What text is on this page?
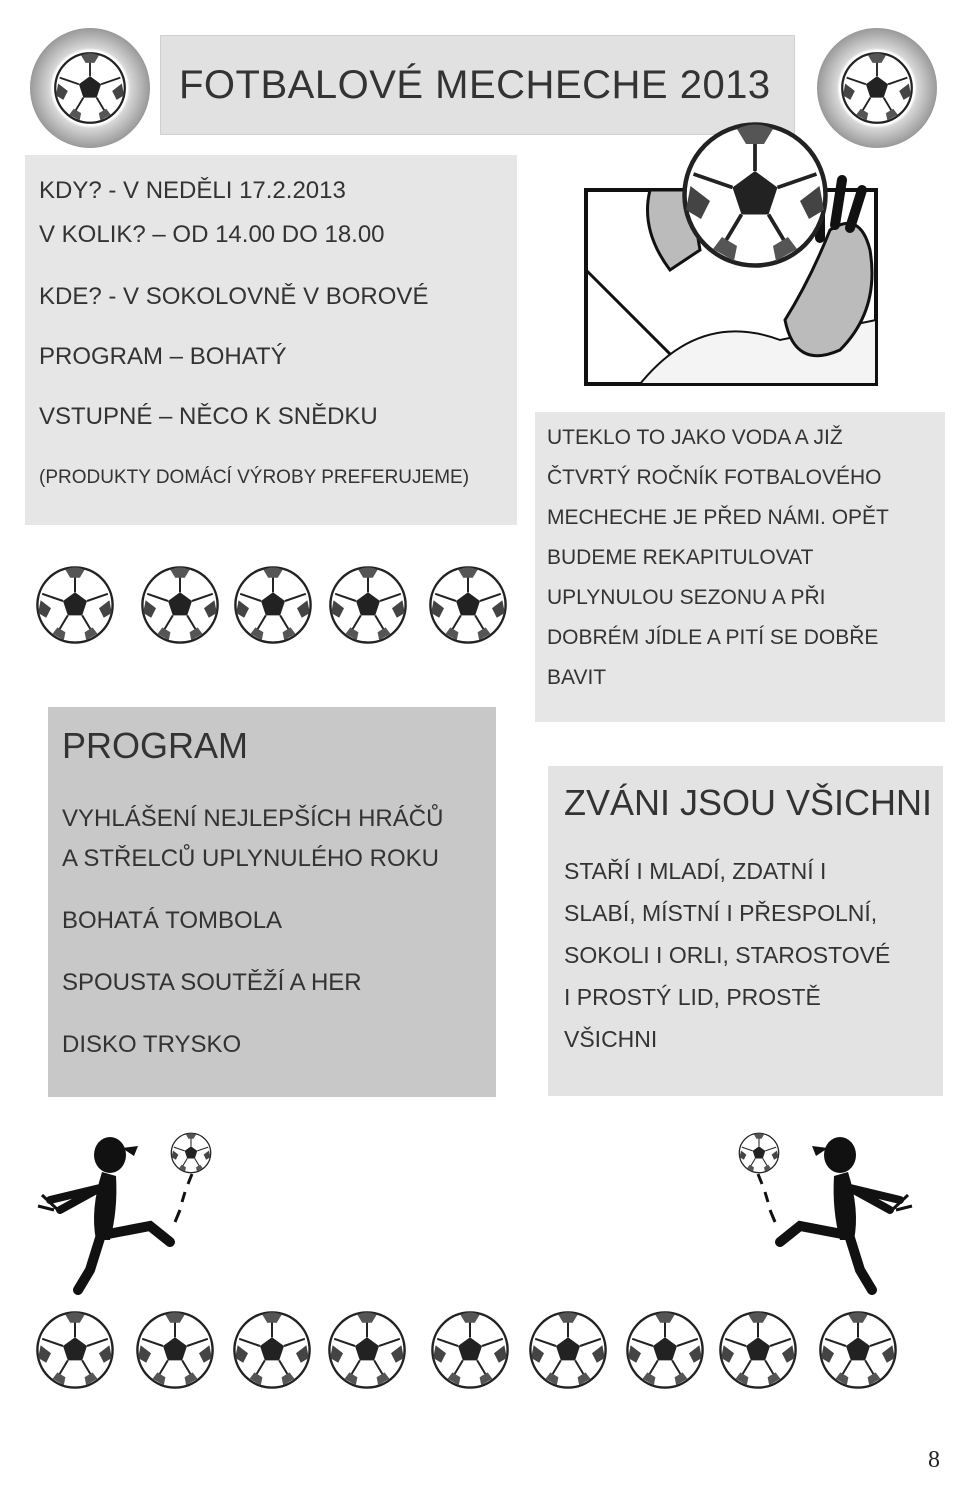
FOTBALOVÉ MECHECHE 2013
KDY? - V NEDĚLI 17.2.2013
V KOLIK? – OD 14.00 DO 18.00
KDE? - V SOKOLOVNĚ V BOROVÉ
PROGRAM – BOHATÝ
VSTUPNÉ – NĚCO K SNĚDKU
(PRODUKTY DOMÁCÍ VÝROBY PREFERUJEME)
UTEKLO TO JAKO VODA A JIŽ
ČTVRTÝ ROČNÍK FOTBALOVÉHO
MECHECHE JE PŘED NÁMI. OPĚT
BUDEME REKAPITULOVAT
UPLYNULOU SEZONU A PŘI
DOBRÉM JÍDLE A PITÍ SE DOBŘE
BAVIT
PROGRAM
VYHLÁŠENÍ NEJLEPŠÍCH HRÁČŮ
A STŘELCŮ UPLYNULÉHO ROKU
BOHATÁ TOMBOLA
SPOUSTA SOUTĚŽÍ A HER
DISKO TRYSKO
ZVÁNI JSOU VŠICHNI
STAŘÍ I MLADÍ, ZDATNÍ I
SLABÍ, MÍSTNÍ I PŘESPOLNÍ,
SOKOLI I ORLI, STAROSTOVÉ
I PROSTÝ LID, PROSTĚ
VŠICHNI
8
